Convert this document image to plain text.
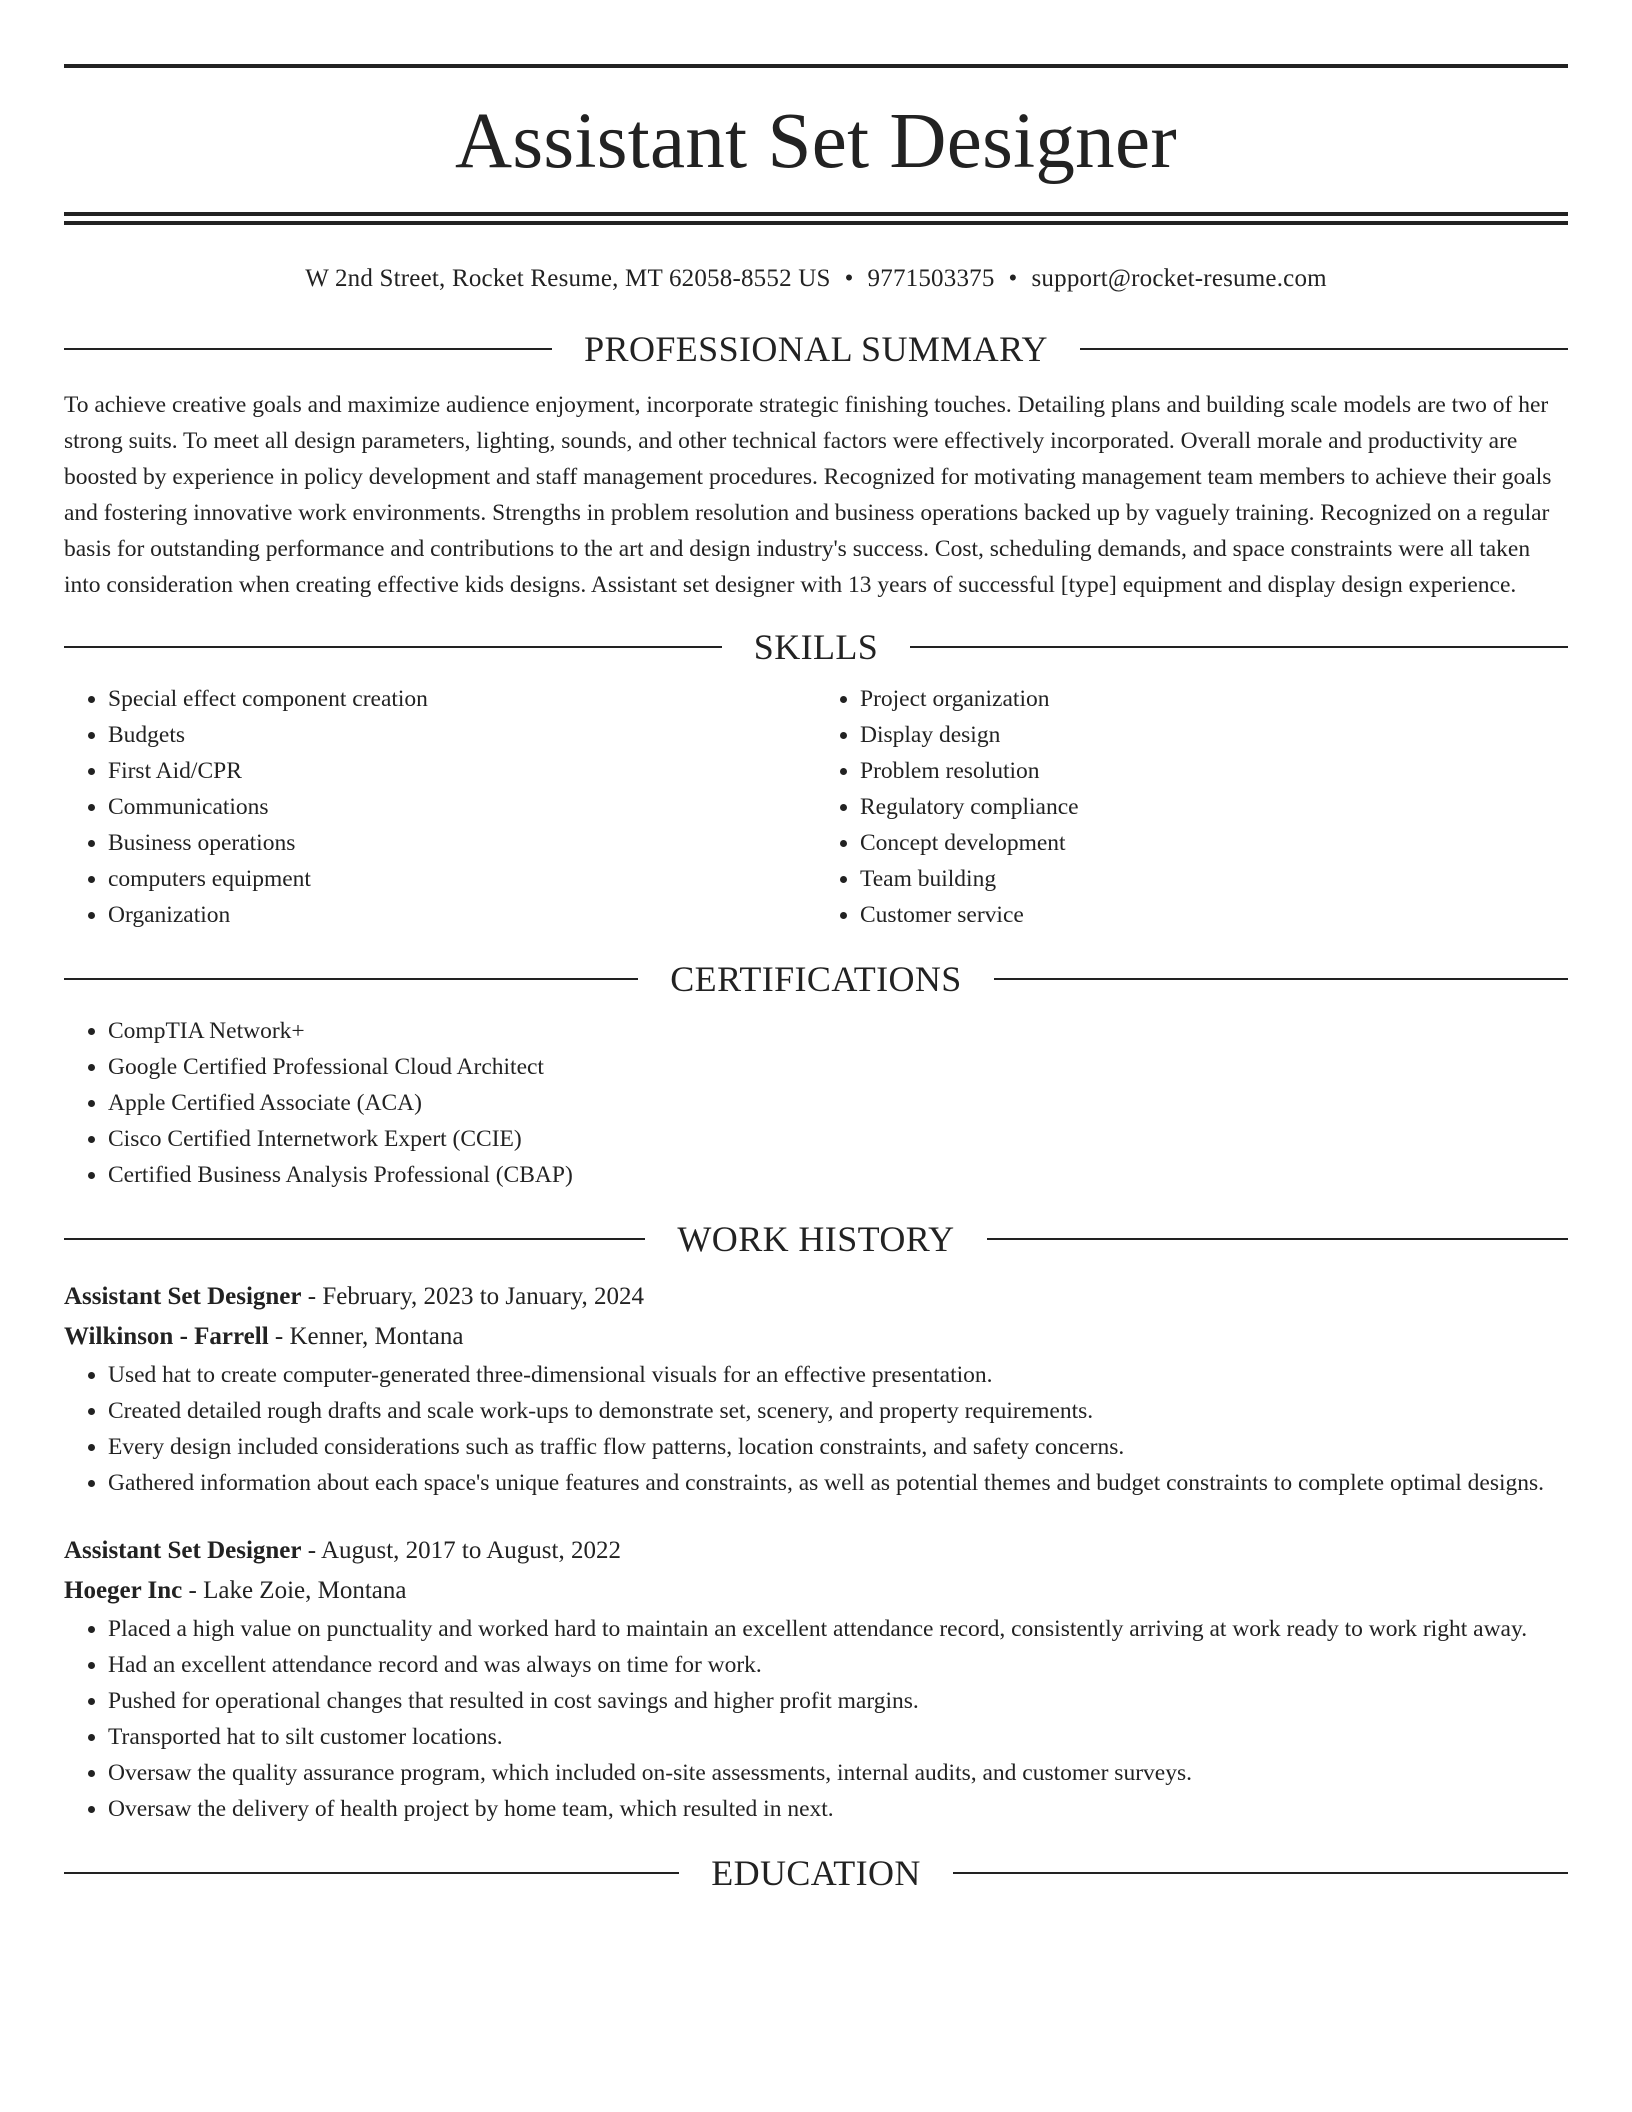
Assistant Set Designer
W 2nd Street, Rocket Resume, MT 62058-8552 US • 9771503375 • support@rocket-resume.com
PROFESSIONAL SUMMARY

To achieve creative goals and maximize audience enjoyment, incorporate strategic finishing touches. Detailing plans and building scale models are two of her strong suits. To meet all design parameters, lighting, sounds, and other technical factors were effectively incorporated. Overall morale and productivity are boosted by experience in policy development and staff management procedures. Recognized for motivating management team members to achieve their goals and fostering innovative work environments. Strengths in problem resolution and business operations backed up by vaguely training. Recognized on a regular basis for outstanding performance and contributions to the art and design industry's success. Cost, scheduling demands, and space constraints were all taken into consideration when creating effective kids designs. Assistant set designer with 13 years of successful [type] equipment and display design experience.

SKILLS
• Special effect component creation
• Budgets
• First Aid/CPR
• Communications
• Business operations
• computers equipment
• Organization
• Project organization
• Display design
• Problem resolution
• Regulatory compliance
• Concept development
• Team building
• Customer service
CERTIFICATIONS
• CompTIA Network+
• Google Certified Professional Cloud Architect
• Apple Certified Associate (ACA)
• Cisco Certified Internetwork Expert (CCIE)
• Certified Business Analysis Professional (CBAP)
WORK HISTORY
Assistant Set Designer - February, 2023 to January, 2024
Wilkinson - Farrell - Kenner, Montana
• Used hat to create computer-generated three-dimensional visuals for an effective presentation.
• Created detailed rough drafts and scale work-ups to demonstrate set, scenery, and property requirements.
• Every design included considerations such as traffic flow patterns, location constraints, and safety concerns.
• Gathered information about each space's unique features and constraints, as well as potential themes and budget constraints to complete optimal designs.
Assistant Set Designer - August, 2017 to August, 2022
Hoeger Inc - Lake Zoie, Montana
• Placed a high value on punctuality and worked hard to maintain an excellent attendance record, consistently arriving at work ready to work right away.
• Had an excellent attendance record and was always on time for work.
• Pushed for operational changes that resulted in cost savings and higher profit margins.
• Transported hat to silt customer locations.
• Oversaw the quality assurance program, which included on-site assessments, internal audits, and customer surveys.
• Oversaw the delivery of health project by home team, which resulted in next.
EDUCATION
